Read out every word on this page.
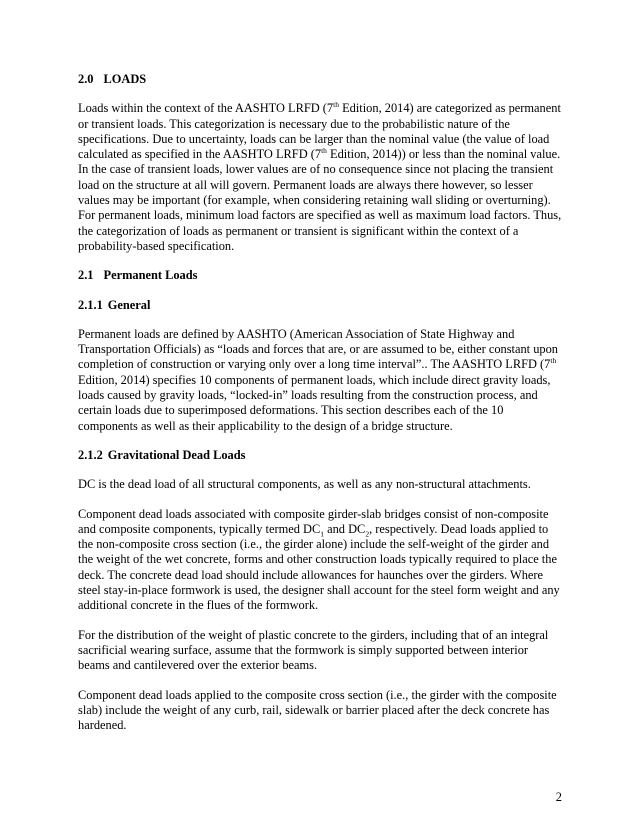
2.0 LOADS

Loads within the context of the AASHTO LRFD (7th Edition, 2014) are categorized as permanent or transient loads. This categorization is necessary due to the probabilistic nature of the specifications. Due to uncertainty, loads can be larger than the nominal value (the value of load calculated as specified in the AASHTO LRFD (7th Edition, 2014)) or less than the nominal value. In the case of transient loads, lower values are of no consequence since not placing the transient load on the structure at all will govern. Permanent loads are always there however, so lesser values may be important (for example, when considering retaining wall sliding or overturning). For permanent loads, minimum load factors are specified as well as maximum load factors. Thus, the categorization of loads as permanent or transient is significant within the context of a probability-based specification.

2.1 Permanent Loads
2.1.1 General

Permanent loads are defined by AASHTO (American Association of State Highway and Transportation Officials) as “loads and forces that are, or are assumed to be, either constant upon completion of construction or varying only over a long time interval”.. The AASHTO LRFD (7th Edition, 2014) specifies 10 components of permanent loads, which include direct gravity loads, loads caused by gravity loads, “locked-in” loads resulting from the construction process, and certain loads due to superimposed deformations. This section describes each of the 10 components as well as their applicability to the design of a bridge structure.

2.1.2 Gravitational Dead Loads

DC is the dead load of all structural components, as well as any non-structural attachments.

Component dead loads associated with composite girder-slab bridges consist of non-composite and composite components, typically termed $DC_1$ and $DC_2$, respectively. Dead loads applied to the non-composite cross section (i.e., the girder alone) include the self-weight of the girder and the weight of the wet concrete, forms and other construction loads typically required to place the deck. The concrete dead load should include allowances for haunches over the girders. Where steel stay-in-place formwork is used, the designer shall account for the steel form weight and any additional concrete in the flues of the formwork.

For the distribution of the weight of plastic concrete to the girders, including that of an integral sacrificial wearing surface, assume that the formwork is simply supported between interior beams and cantilevered over the exterior beams.

Component dead loads applied to the composite cross section (i.e., the girder with the composite slab) include the weight of any curb, rail, sidewalk or barrier placed after the deck concrete has hardened.

2
